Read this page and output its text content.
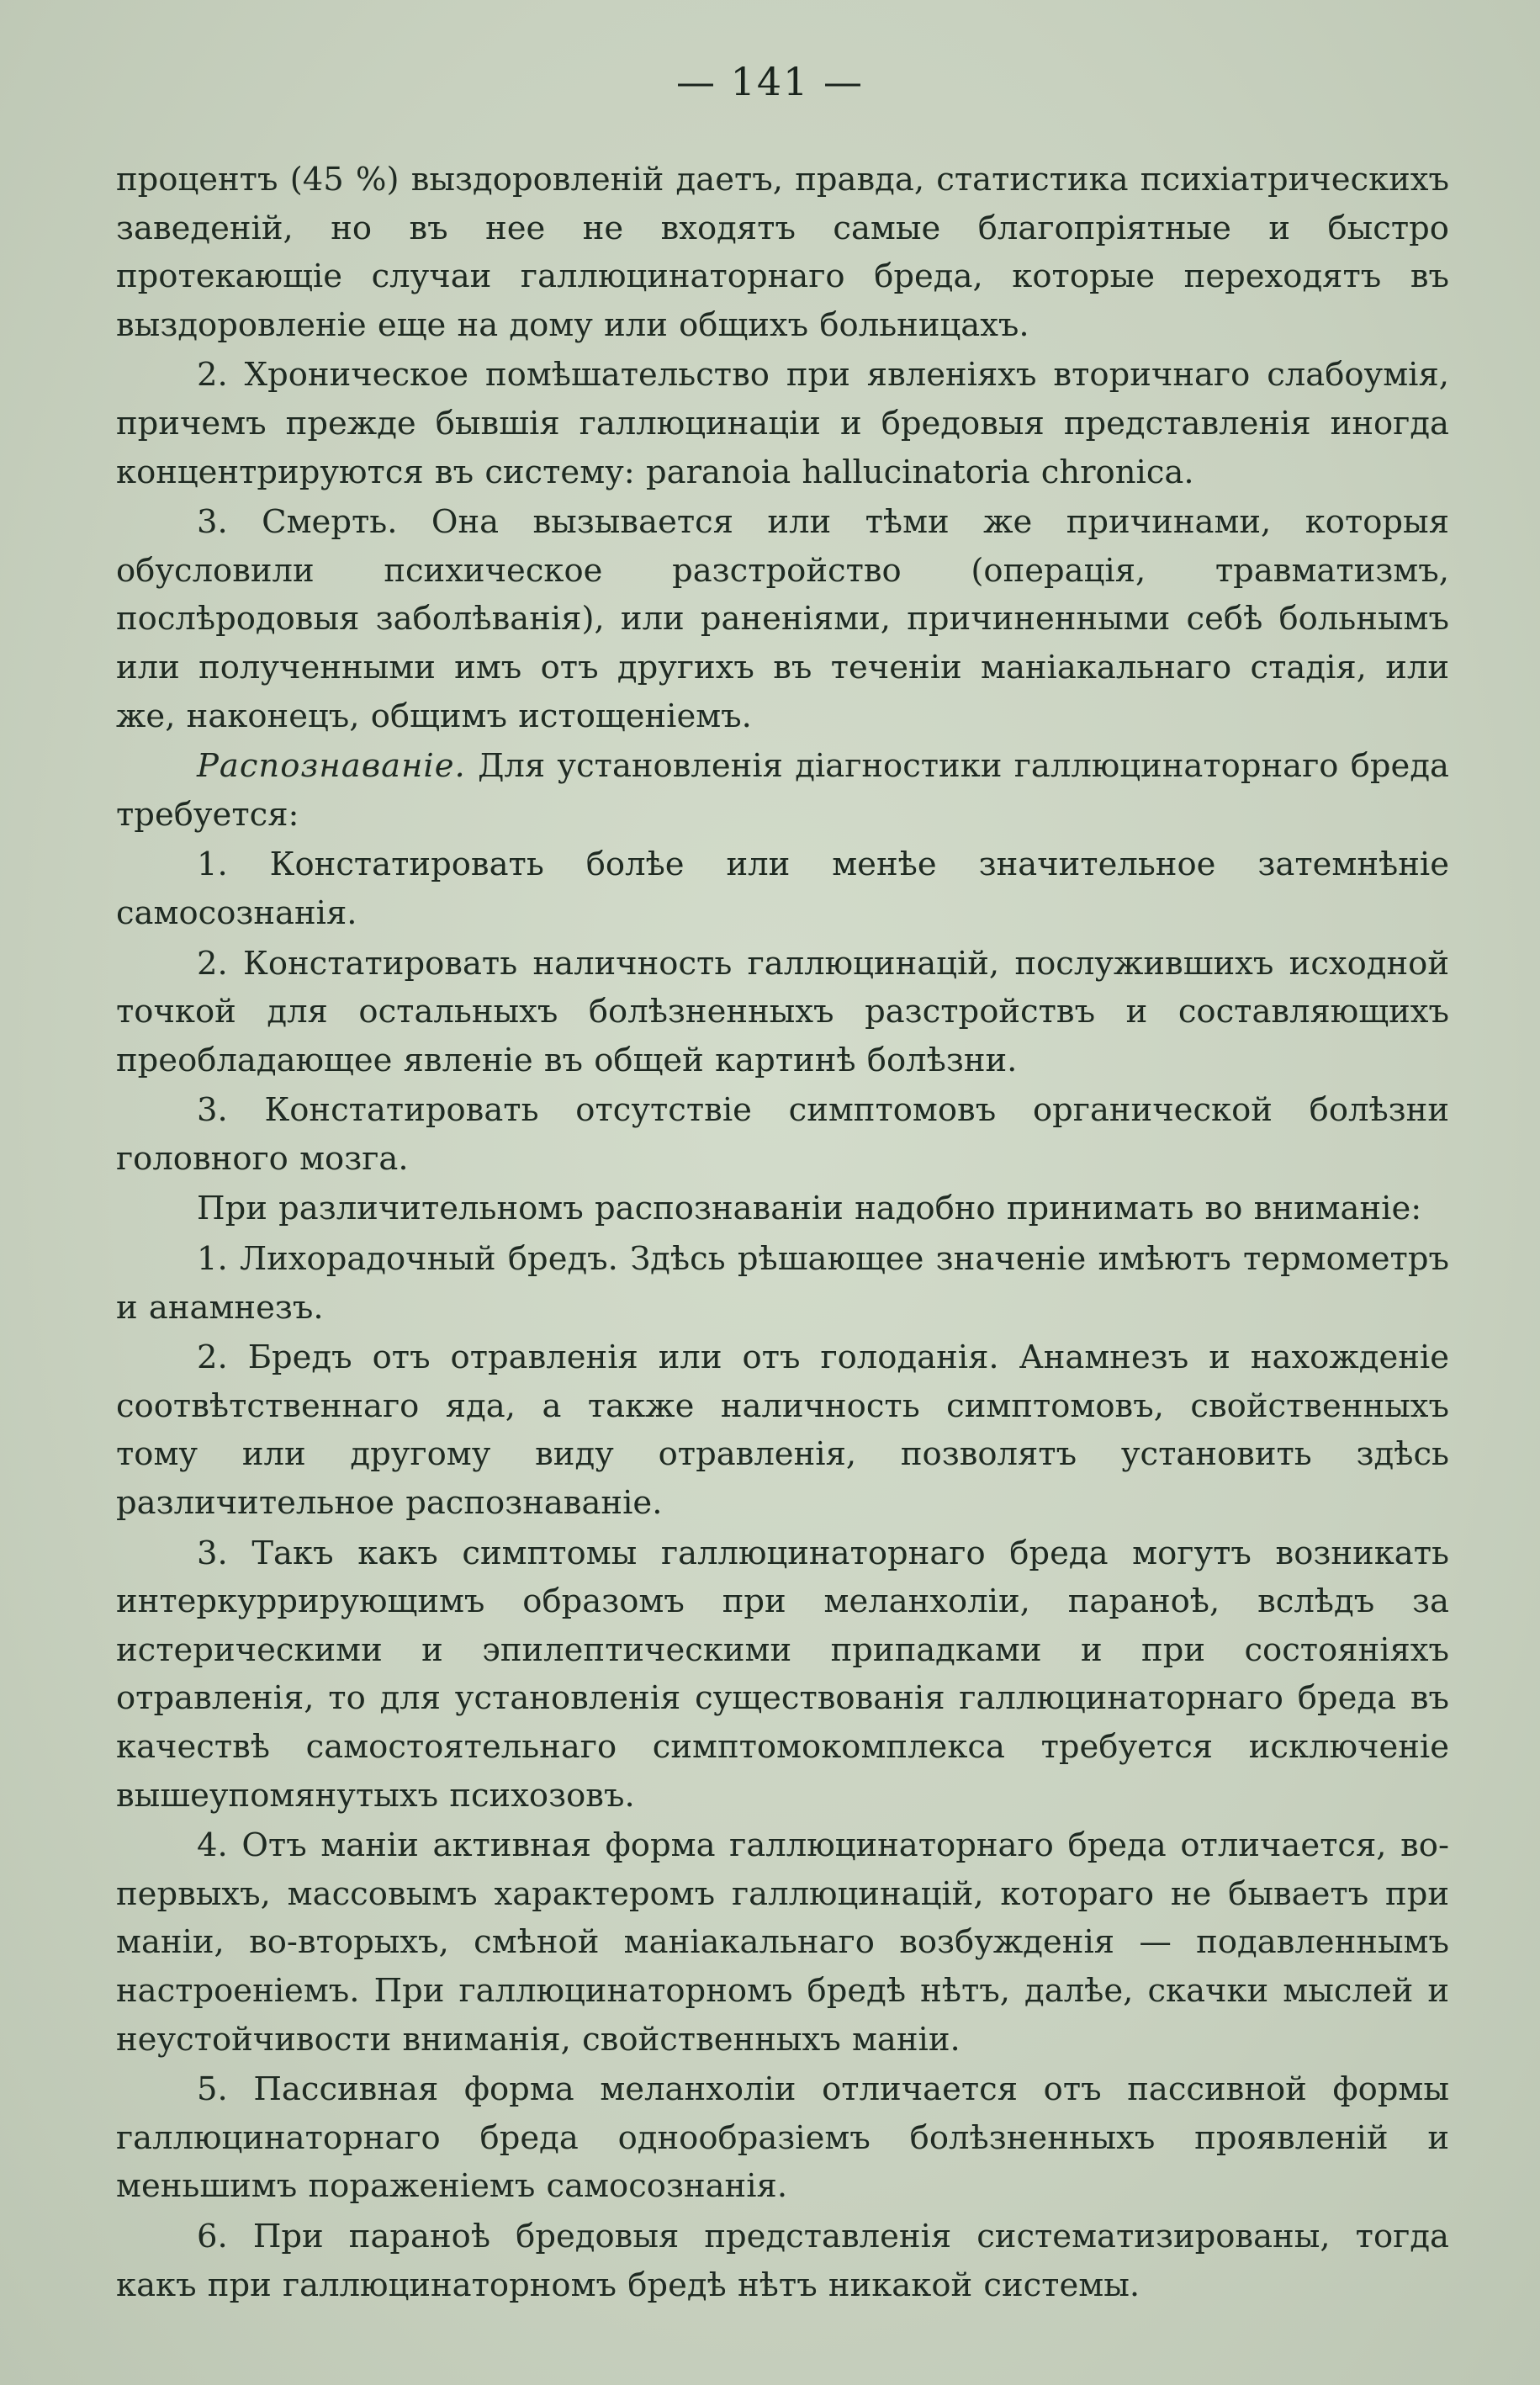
— 141 —

процентъ (45 %) выздоровленій даетъ, правда, статистика психіатрическихъ заведеній, но въ нее не входятъ самые благопріятные и быстро протекающіе случаи галлюцинаторнаго бреда, которые переходятъ въ выздоровленіе еще на дому или общихъ больницахъ.

2. Хроническое помѣшательство при явленіяхъ вторичнаго слабоумія, причемъ прежде бывшія галлюцинаціи и бредовыя представленія иногда концентрируются въ систему: paranoia hallucinatoria chronica.

3. Смерть. Она вызывается или тѣми же причинами, которыя обусловили психическое разстройство (операція, травматизмъ, послѣродовыя заболѣванія), или раненіями, причиненными себѣ больнымъ или полученными имъ отъ другихъ въ теченіи маніакальнаго стадія, или же, наконецъ, общимъ истощеніемъ.

Распознаваніе. Для установленія діагностики галлюцинаторнаго бреда требуется:

1. Констатировать болѣе или менѣе значительное затемнѣніе самосознанія.

2. Констатировать наличность галлюцинацій, послужившихъ исходной точкой для остальныхъ болѣзненныхъ разстройствъ и составляющихъ преобладающее явленіе въ общей картинѣ болѣзни.

3. Констатировать отсутствіе симптомовъ органической болѣзни головного мозга.

При различительномъ распознаваніи надобно принимать во вниманіе:

1. Лихорадочный бредъ. Здѣсь рѣшающее значеніе имѣютъ термометръ и анамнезъ.

2. Бредъ отъ отравленія или отъ голоданія. Анамнезъ и нахожденіе соотвѣтственнаго яда, а также наличность симптомовъ, свойственныхъ тому или другому виду отравленія, позволятъ установить здѣсь различительное распознаваніе.

3. Такъ какъ симптомы галлюцинаторнаго бреда могутъ возникать интеркуррирующимъ образомъ при меланхоліи, параноѣ, вслѣдъ за истерическими и эпилептическими припадками и при состояніяхъ отравленія, то для установленія существованія галлюцинаторнаго бреда въ качествѣ самостоятельнаго симптомокомплекса требуется исключеніе вышеупомянутыхъ психозовъ.

4. Отъ маніи активная форма галлюцинаторнаго бреда отличается, во-первыхъ, массовымъ характеромъ галлюцинацій, котораго не бываетъ при маніи, во-вторыхъ, смѣной маніакальнаго возбужденія — подавленнымъ настроеніемъ. При галлюцинаторномъ бредѣ нѣтъ, далѣе, скачки мыслей и неустойчивости вниманія, свойственныхъ маніи.

5. Пассивная форма меланхоліи отличается отъ пассивной формы галлюцинаторнаго бреда однообразіемъ болѣзненныхъ проявленій и меньшимъ пораженіемъ самосознанія.

6. При паранoѣ бредовыя представленія систематизированы, тогда какъ при галлюцинаторномъ бредѣ нѣтъ никакой системы.
